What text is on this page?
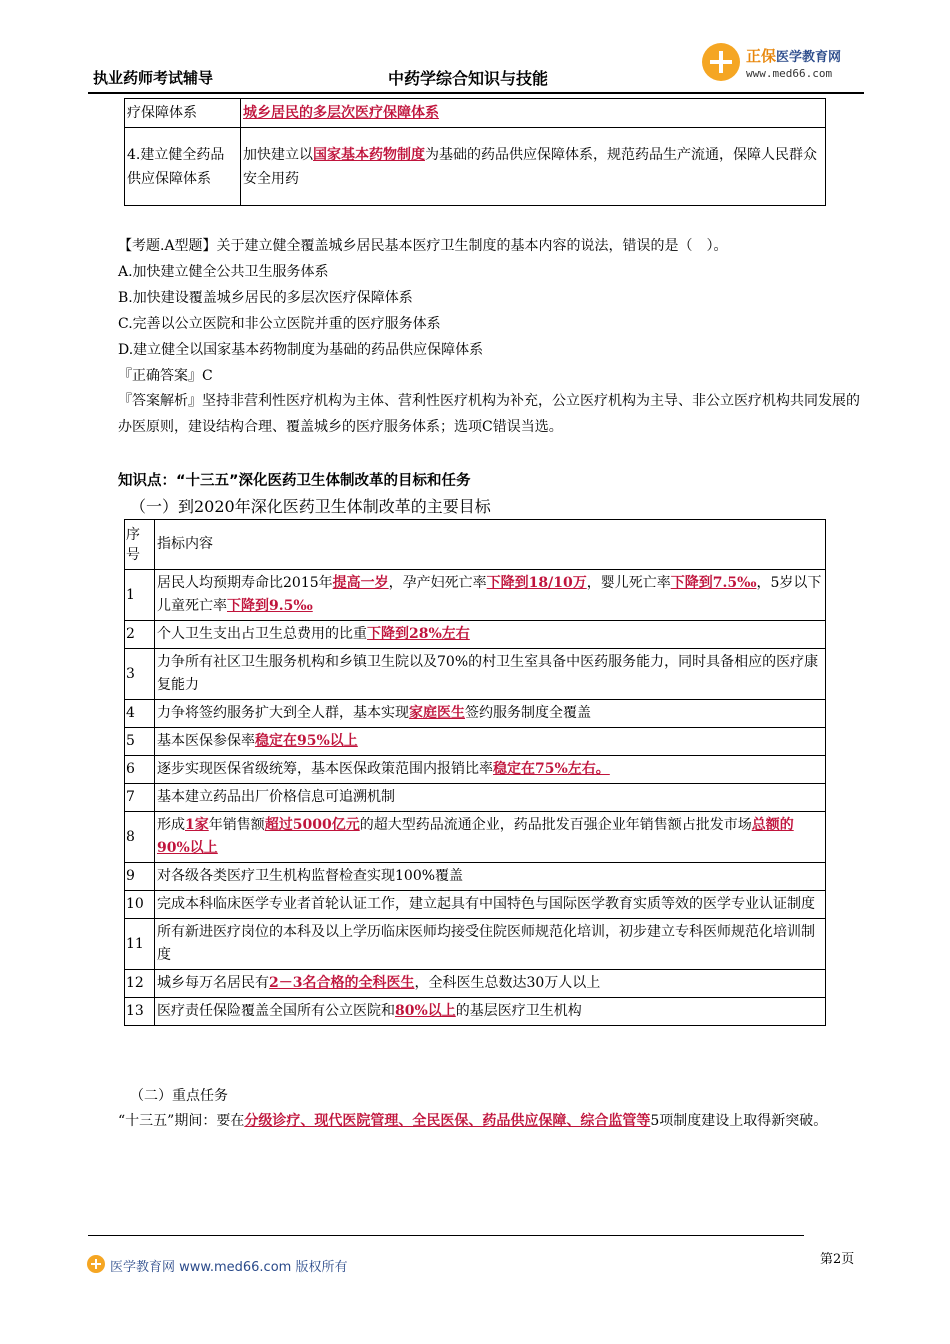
执业药师考试辅导	中药学综合知识与技能
正保医学教育网
www.med66.com
疗保障体系	城乡居民的多层次医疗保障体系
4.建立健全药品供应保障体系	加快建立以国家基本药物制度为基础的药品供应保障体系，规范药品生产流通，保障人民群众安全用药
【考题.A型题】关于建立健全覆盖城乡居民基本医疗卫生制度的基本内容的说法，错误的是（　）。
A.加快建立健全公共卫生服务体系
B.加快建设覆盖城乡居民的多层次医疗保障体系
C.完善以公立医院和非公立医院并重的医疗服务体系
D.建立健全以国家基本药物制度为基础的药品供应保障体系
『正确答案』C
『答案解析』坚持非营利性医疗机构为主体、营利性医疗机构为补充，公立医疗机构为主导、非公立医疗机构共同发展的办医原则，建设结构合理、覆盖城乡的医疗服务体系；选项C错误当选。
知识点：“十三五”深化医药卫生体制改革的目标和任务
（一）到2020年深化医药卫生体制改革的主要目标
序号	指标内容
1	居民人均预期寿命比2015年提高一岁，孕产妇死亡率下降到18/10万，婴儿死亡率下降到7.5‰，5岁以下儿童死亡率下降到9.5‰
2	个人卫生支出占卫生总费用的比重下降到28%左右
3	力争所有社区卫生服务机构和乡镇卫生院以及70%的村卫生室具备中医药服务能力，同时具备相应的医疗康复能力
4	力争将签约服务扩大到全人群，基本实现家庭医生签约服务制度全覆盖
5	基本医保参保率稳定在95%以上
6	逐步实现医保省级统筹，基本医保政策范围内报销比率稳定在75%左右。
7	基本建立药品出厂价格信息可追溯机制
8	形成1家年销售额超过5000亿元的超大型药品流通企业，药品批发百强企业年销售额占批发市场总额的90%以上
9	对各级各类医疗卫生机构监督检查实现100%覆盖
10	完成本科临床医学专业者首轮认证工作，建立起具有中国特色与国际医学教育实质等效的医学专业认证制度
11	所有新进医疗岗位的本科及以上学历临床医师均接受住院医师规范化培训，初步建立专科医师规范化培训制度
12	城乡每万名居民有2－3名合格的全科医生，全科医生总数达30万人以上
13	医疗责任保险覆盖全国所有公立医院和80%以上的基层医疗卫生机构
（二）重点任务
“十三五”期间：要在分级诊疗、现代医院管理、全民医保、药品供应保障、综合监管等5项制度建设上取得新突破。
第2页
医学教育网 www.med66.com 版权所有
